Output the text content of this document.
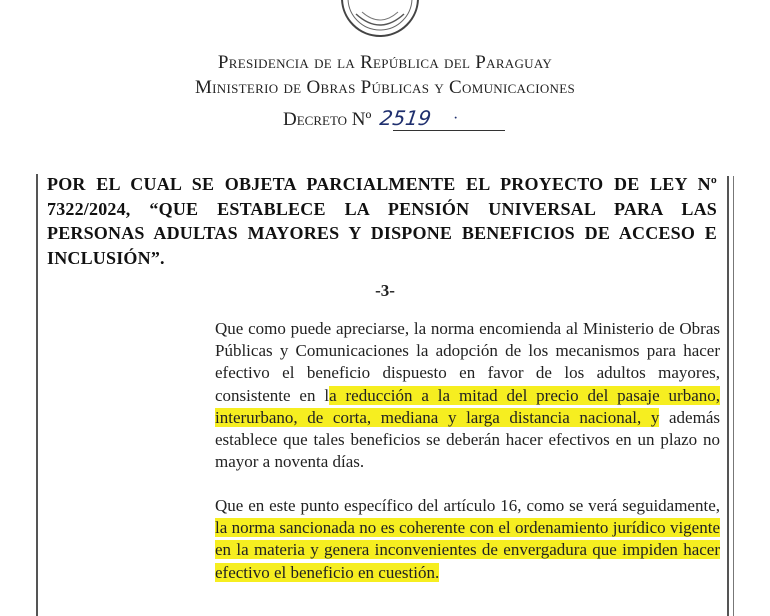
Presidencia de la República del Paraguay
Ministerio de Obras Públicas y Comunicaciones
Decreto Nº 2519 ·
POR EL CUAL SE OBJETA PARCIALMENTE EL PROYECTO DE LEY Nº 7322/2024, “QUE ESTABLECE LA PENSIÓN UNIVERSAL PARA LAS PERSONAS ADULTAS MAYORES Y DISPONE BENEFICIOS DE ACCESO E INCLUSIÓN”.
-3-
Que como puede apreciarse, la norma encomienda al Ministerio de Obras Públicas y Comunicaciones la adopción de los mecanismos para hacer efectivo el beneficio dispuesto en favor de los adultos mayores, consistente en la reducción a la mitad del precio del pasaje urbano, interurbano, de corta, mediana y larga distancia nacional, y además establece que tales beneficios se deberán hacer efectivos en un plazo no mayor a noventa días.
Que en este punto específico del artículo 16, como se verá seguidamente, la norma sancionada no es coherente con el ordenamiento jurídico vigente en la materia y genera inconvenientes de envergadura que impiden hacer efectivo el beneficio en cuestión.
